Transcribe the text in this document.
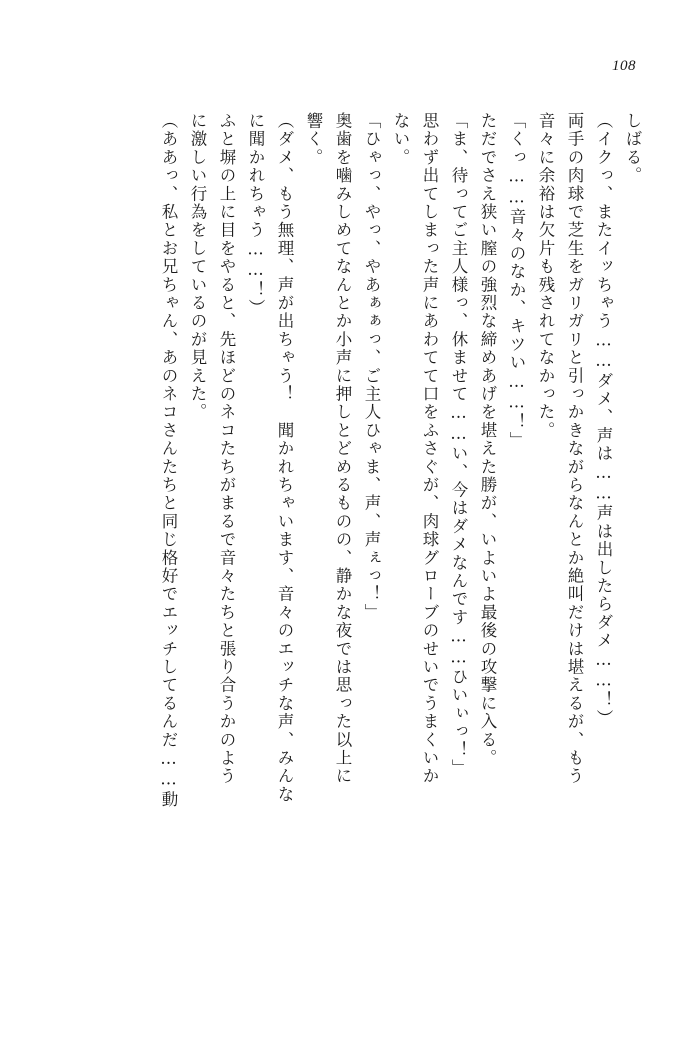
108
しばる。
（イクっ、またイッちゃう……ダメ、声は……声は出したらダメ……！）
両手の肉球で芝生をガリガリと引っかきながらなんとか絶叫だけは堪えるが、もう
音々に余裕は欠片も残されてなかった。
「くっ……音々のなか、キツい……！」
ただでさえ狭い膣の強烈な締めあげを堪えた勝が、いよいよ最後の攻撃に入る。
「ま、待ってご主人様っ、休ませて……い、今はダメなんです……ひいぃっ！」
思わず出てしまった声にあわてて口をふさぐが、肉球グローブのせいでうまくいか
ない。
「ひゃっ、やっ、やあぁぁっ、ご主人ひゃま、声、声ぇっ！」
奥歯を噛みしめてなんとか小声に押しとどめるものの、静かな夜では思った以上に
響く。
（ダメ、もう無理、声が出ちゃう！　聞かれちゃいます、音々のエッチな声、みんな
に聞かれちゃう……！）
ふと塀の上に目をやると、先ほどのネコたちがまるで音々たちと張り合うかのよう
に激しい行為をしているのが見えた。
（ああっ、私とお兄ちゃん、あのネコさんたちと同じ格好でエッチしてるんだ……動
